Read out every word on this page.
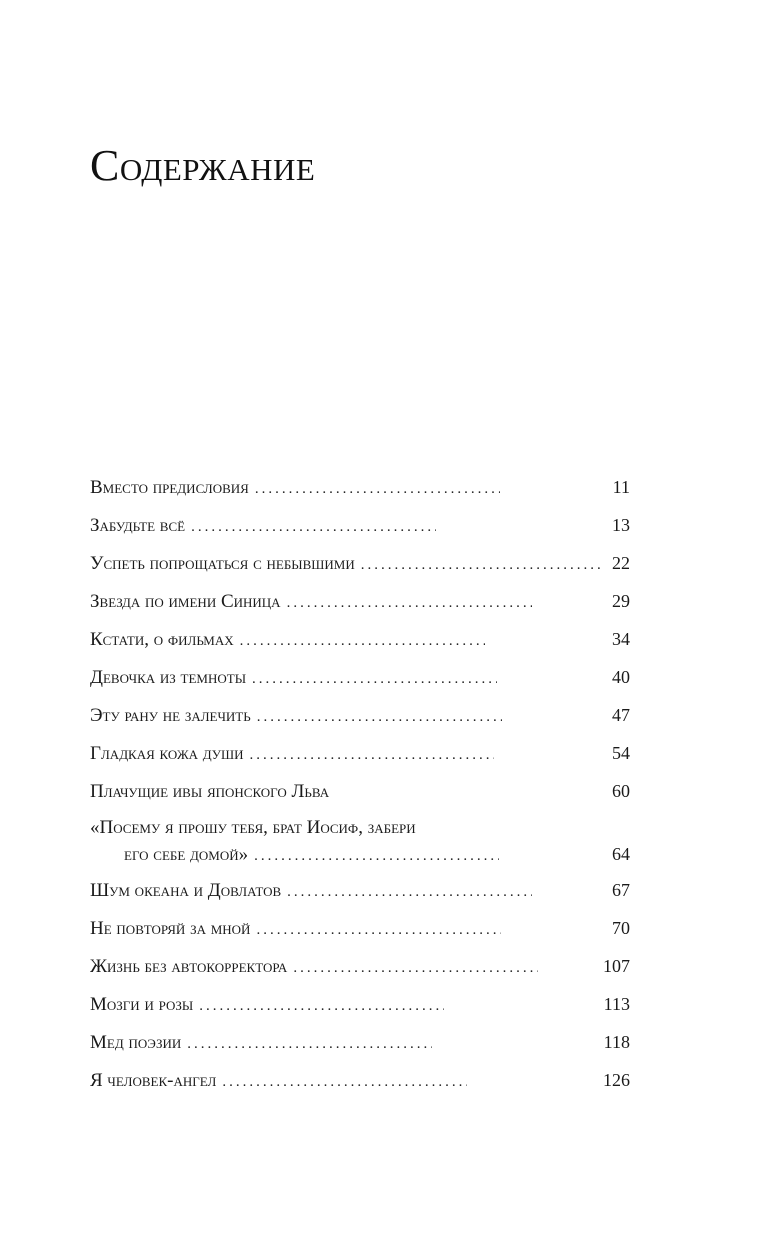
Содержание
Вместо предисловия .....	11
Забудьте всё .....	13
Успеть попрощаться с небывшими .....	22
Звезда по имени Синица .....	29
Кстати, о фильмах .....	34
Девочка из темноты .....	40
Эту рану не залечить .....	47
Гладкая кожа души .....	54
Плачущие ивы японского Льва	60
«Посему я прошу тебя, брат Иосиф, забери
его себе домой» .....	64
Шум океана и Довлатов .....	67
Не повторяй за мной .....	70
Жизнь без автокорректора .....	107
Мозги и розы .....	113
Мед поэзии .....	118
Я человек-ангел .....	126
